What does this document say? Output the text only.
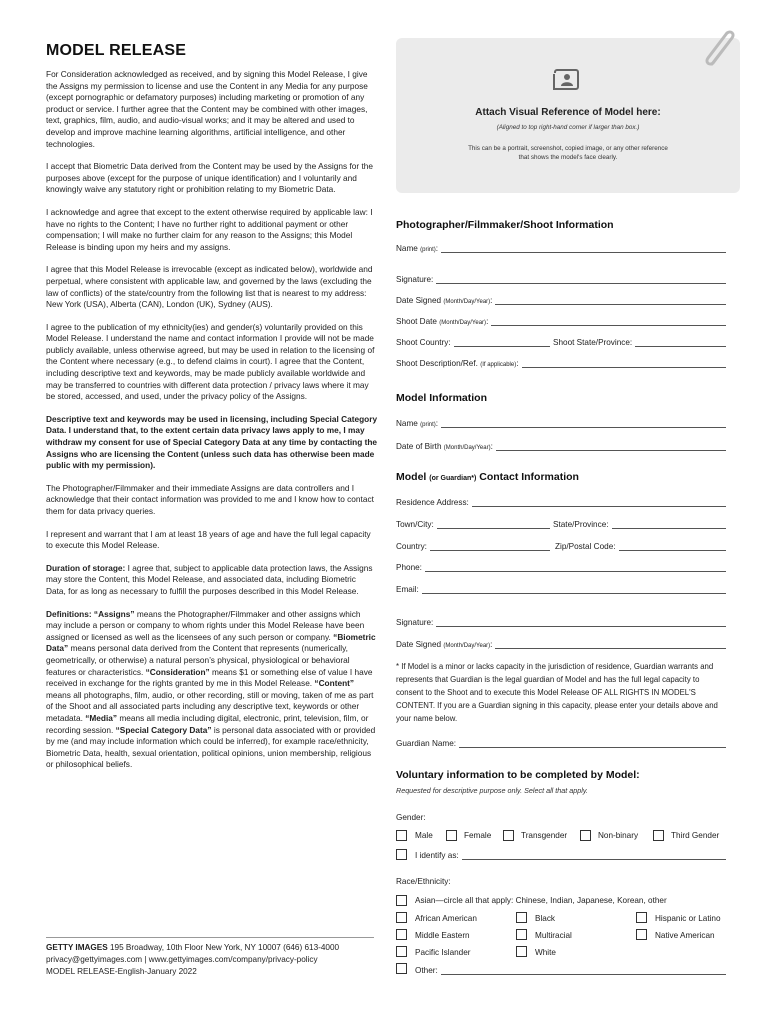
MODEL RELEASE

For Consideration acknowledged as received, and by signing this Model Release, I give the Assigns my permission to license and use the Content in any Media for any purpose (except pornographic or defamatory purposes) including marketing or promotion of any product or service. I further agree that the Content may be combined with other images, text, graphics, film, audio, and audio-visual works; and it may be altered and used to develop and improve machine learning algorithms, artificial intelligence, and other technologies.

I accept that Biometric Data derived from the Content may be used by the Assigns for the purposes above (except for the purpose of unique identification) and I voluntarily and knowingly waive any statutory right or prohibition relating to my Biometric Data.

I acknowledge and agree that except to the extent otherwise required by applicable law: I have no rights to the Content; I have no further right to additional payment or other compensation; I will make no further claim for any reason to the Assigns; this Model Release is binding upon my heirs and my assigns.

I agree that this Model Release is irrevocable (except as indicated below), worldwide and perpetual, where consistent with applicable law, and governed by the laws (excluding the law of conflicts) of the state/country from the following list that is nearest to my address: New York (USA), Alberta (CAN), London (UK), Sydney (AUS).

I agree to the publication of my ethnicity(ies) and gender(s) voluntarily provided on this Model Release. I understand the name and contact information I provide will not be made publicly available, unless otherwise agreed, but may be used in relation to the licensing of the Content where necessary (e.g., to defend claims in court). I agree that the Content, including descriptive text and keywords, may be made publicly available worldwide and may be transferred to countries with different data protection / privacy laws where it may be stored, accessed, and used, under the privacy policy of the Assigns.

Descriptive text and keywords may be used in licensing, including Special Category Data. I understand that, to the extent certain data privacy laws apply to me, I may withdraw my consent for use of Special Category Data at any time by contacting the Assigns who are licensing the Content (unless such data has otherwise been made public with my permission).

The Photographer/Filmmaker and their immediate Assigns are data controllers and I acknowledge that their contact information was provided to me and I know how to contact them for data privacy queries.

I represent and warrant that I am at least 18 years of age and have the full legal capacity to execute this Model Release.

Duration of storage: I agree that, subject to applicable data protection laws, the Assigns may store the Content, this Model Release, and associated data, including Biometric Data, for as long as necessary to fulfill the purposes described in this Model Release.

Definitions: “Assigns” means the Photographer/Filmmaker and other assigns which may include a person or company to whom rights under this Model Release have been assigned or licensed as well as the licensees of any such person or company. “Biometric Data” means personal data derived from the Content that represents (numerically, geometrically, or otherwise) a natural person’s physical, physiological or behavioral features or characteristics. “Consideration” means $1 or something else of value I have received in exchange for the rights granted by me in this Model Release. “Content” means all photographs, film, audio, or other recording, still or moving, taken of me as part of the Shoot and all associated parts including any descriptive text, keywords or other metadata. “Media” means all media including digital, electronic, print, television, film, or recording session. “Special Category Data” is personal data associated with or provided by me (and may include information which could be inferred), for example race/ethnicity, Biometric Data, health, sexual orientation, political opinions, union membership, religious or philosophical beliefs.

GETTY IMAGES 195 Broadway, 10th Floor New York, NY 10007 (646) 613-4000
privacy@gettyimages.com | www.gettyimages.com/company/privacy-policy
MODEL RELEASE-English-January 2022
Attach Visual Reference of Model here:
(Aligned to top right-hand corner if larger than box.)
This can be a portrait, screenshot, copied image, or any other reference that shows the model's face clearly.
Photographer/Filmmaker/Shoot Information
Name (print):
Signature:
Date Signed (Month/Day/Year):
Shoot Date (Month/Day/Year):
Shoot Country:	Shoot State/Province:
Shoot Description/Ref. (If applicable):
Model Information
Name (print):
Date of Birth (Month/Day/Year):
Model (or Guardian*) Contact Information
Residence Address:
Town/City:	State/Province:
Country:	Zip/Postal Code:
Phone:
Email:
Signature:
Date Signed (Month/Day/Year):
* If Model is a minor or lacks capacity in the jurisdiction of residence, Guardian warrants and represents that Guardian is the legal guardian of Model and has the full legal capacity to consent to the Shoot and to execute this Model Release OF ALL RIGHTS IN MODEL'S CONTENT. If you are a Guardian signing in this capacity, please enter your details above and your name below.
Guardian Name:
Voluntary information to be completed by Model:
Requested for descriptive purpose only. Select all that apply.
Gender:
Male	Female	Transgender	Non-binary	Third Gender
I identify as:
Race/Ethnicity:
Asian—circle all that apply: Chinese, Indian, Japanese, Korean, other
African American	Black	Hispanic or Latino
Middle Eastern	Multiracial	Native American
Pacific Islander	White
Other:
